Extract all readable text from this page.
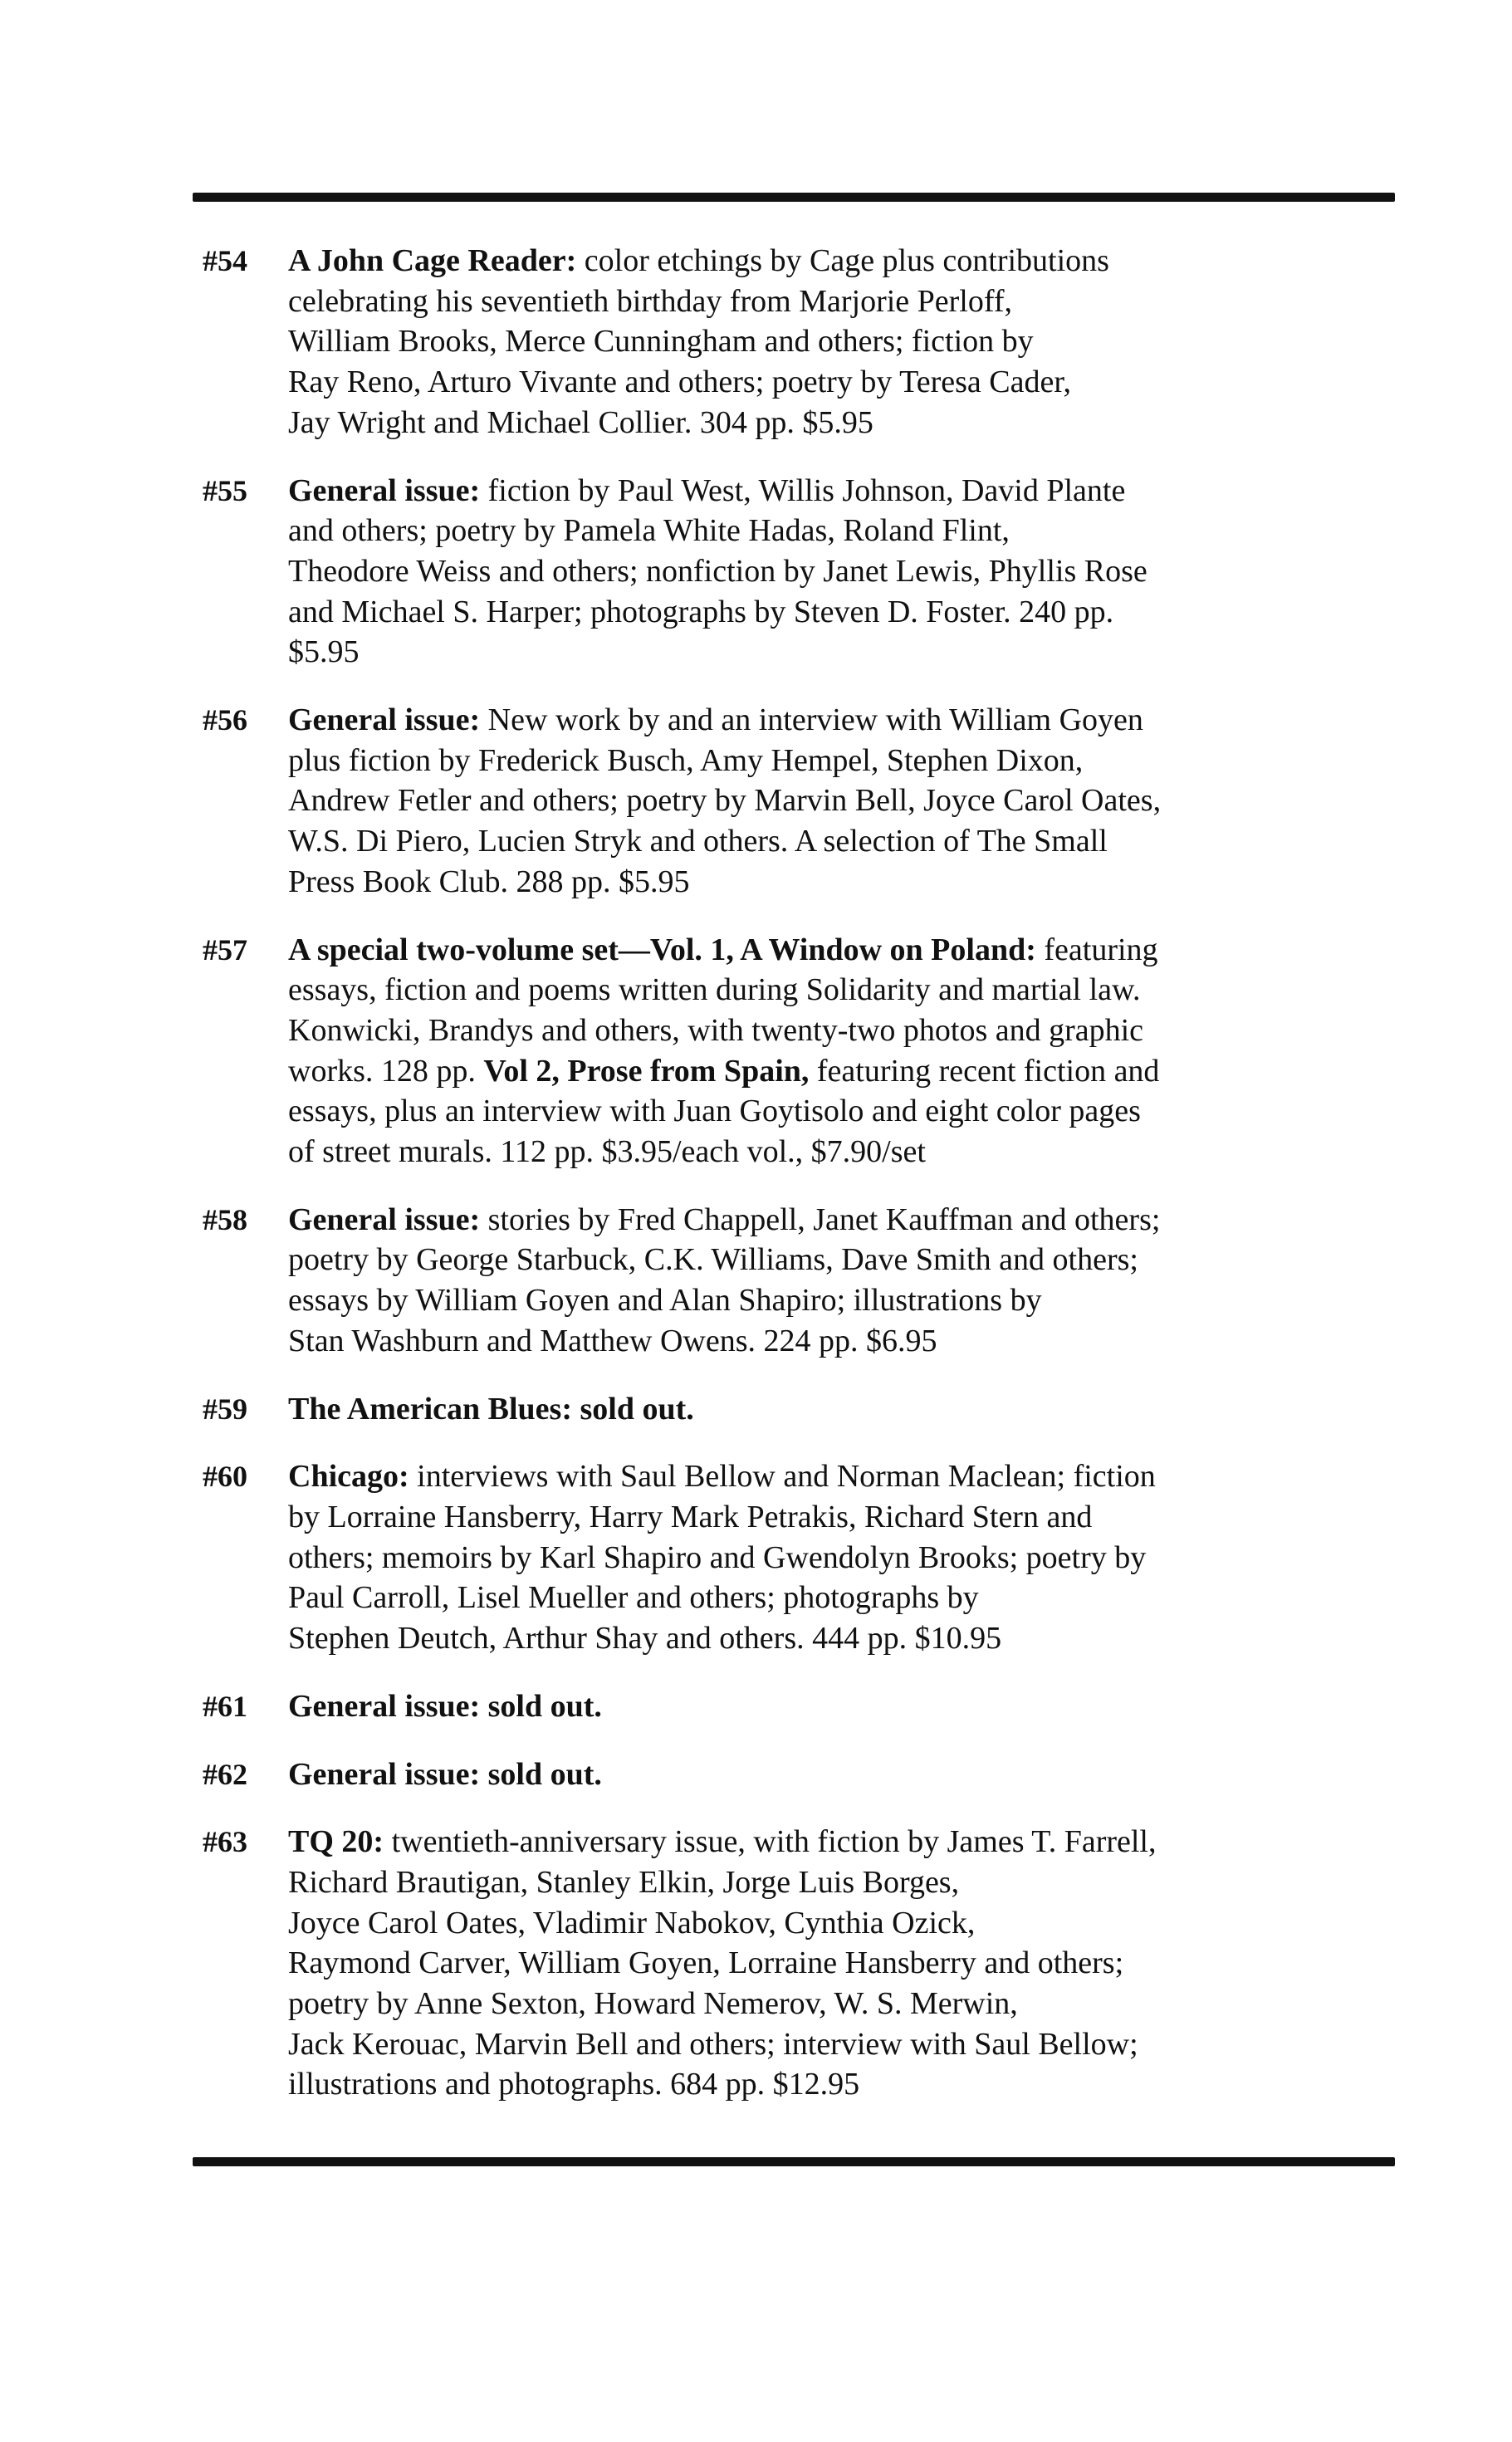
#54	A John Cage Reader: color etchings by Cage plus contributions
celebrating his seventieth birthday from Marjorie Perloff,
William Brooks, Merce Cunningham and others; fiction by
Ray Reno, Arturo Vivante and others; poetry by Teresa Cader,
Jay Wright and Michael Collier. 304 pp. $5.95
#55	General issue: fiction by Paul West, Willis Johnson, David Plante
and others; poetry by Pamela White Hadas, Roland Flint,
Theodore Weiss and others; nonfiction by Janet Lewis, Phyllis Rose
and Michael S. Harper; photographs by Steven D. Foster. 240 pp.
$5.95
#56	General issue: New work by and an interview with William Goyen
plus fiction by Frederick Busch, Amy Hempel, Stephen Dixon,
Andrew Fetler and others; poetry by Marvin Bell, Joyce Carol Oates,
W.S. Di Piero, Lucien Stryk and others. A selection of The Small
Press Book Club. 288 pp. $5.95
#57	A special two-volume set—Vol. 1, A Window on Poland: featuring
essays, fiction and poems written during Solidarity and martial law.
Konwicki, Brandys and others, with twenty-two photos and graphic
works. 128 pp. Vol 2, Prose from Spain, featuring recent fiction and
essays, plus an interview with Juan Goytisolo and eight color pages
of street murals. 112 pp. $3.95/each vol., $7.90/set
#58	General issue: stories by Fred Chappell, Janet Kauffman and others;
poetry by George Starbuck, C.K. Williams, Dave Smith and others;
essays by William Goyen and Alan Shapiro; illustrations by
Stan Washburn and Matthew Owens. 224 pp. $6.95
#59	The American Blues: sold out.
#60	Chicago: interviews with Saul Bellow and Norman Maclean; fiction
by Lorraine Hansberry, Harry Mark Petrakis, Richard Stern and
others; memoirs by Karl Shapiro and Gwendolyn Brooks; poetry by
Paul Carroll, Lisel Mueller and others; photographs by
Stephen Deutch, Arthur Shay and others. 444 pp. $10.95
#61	General issue: sold out.
#62	General issue: sold out.
#63	TQ 20: twentieth-anniversary issue, with fiction by James T. Farrell,
Richard Brautigan, Stanley Elkin, Jorge Luis Borges,
Joyce Carol Oates, Vladimir Nabokov, Cynthia Ozick,
Raymond Carver, William Goyen, Lorraine Hansberry and others;
poetry by Anne Sexton, Howard Nemerov, W. S. Merwin,
Jack Kerouac, Marvin Bell and others; interview with Saul Bellow;
illustrations and photographs. 684 pp. $12.95
